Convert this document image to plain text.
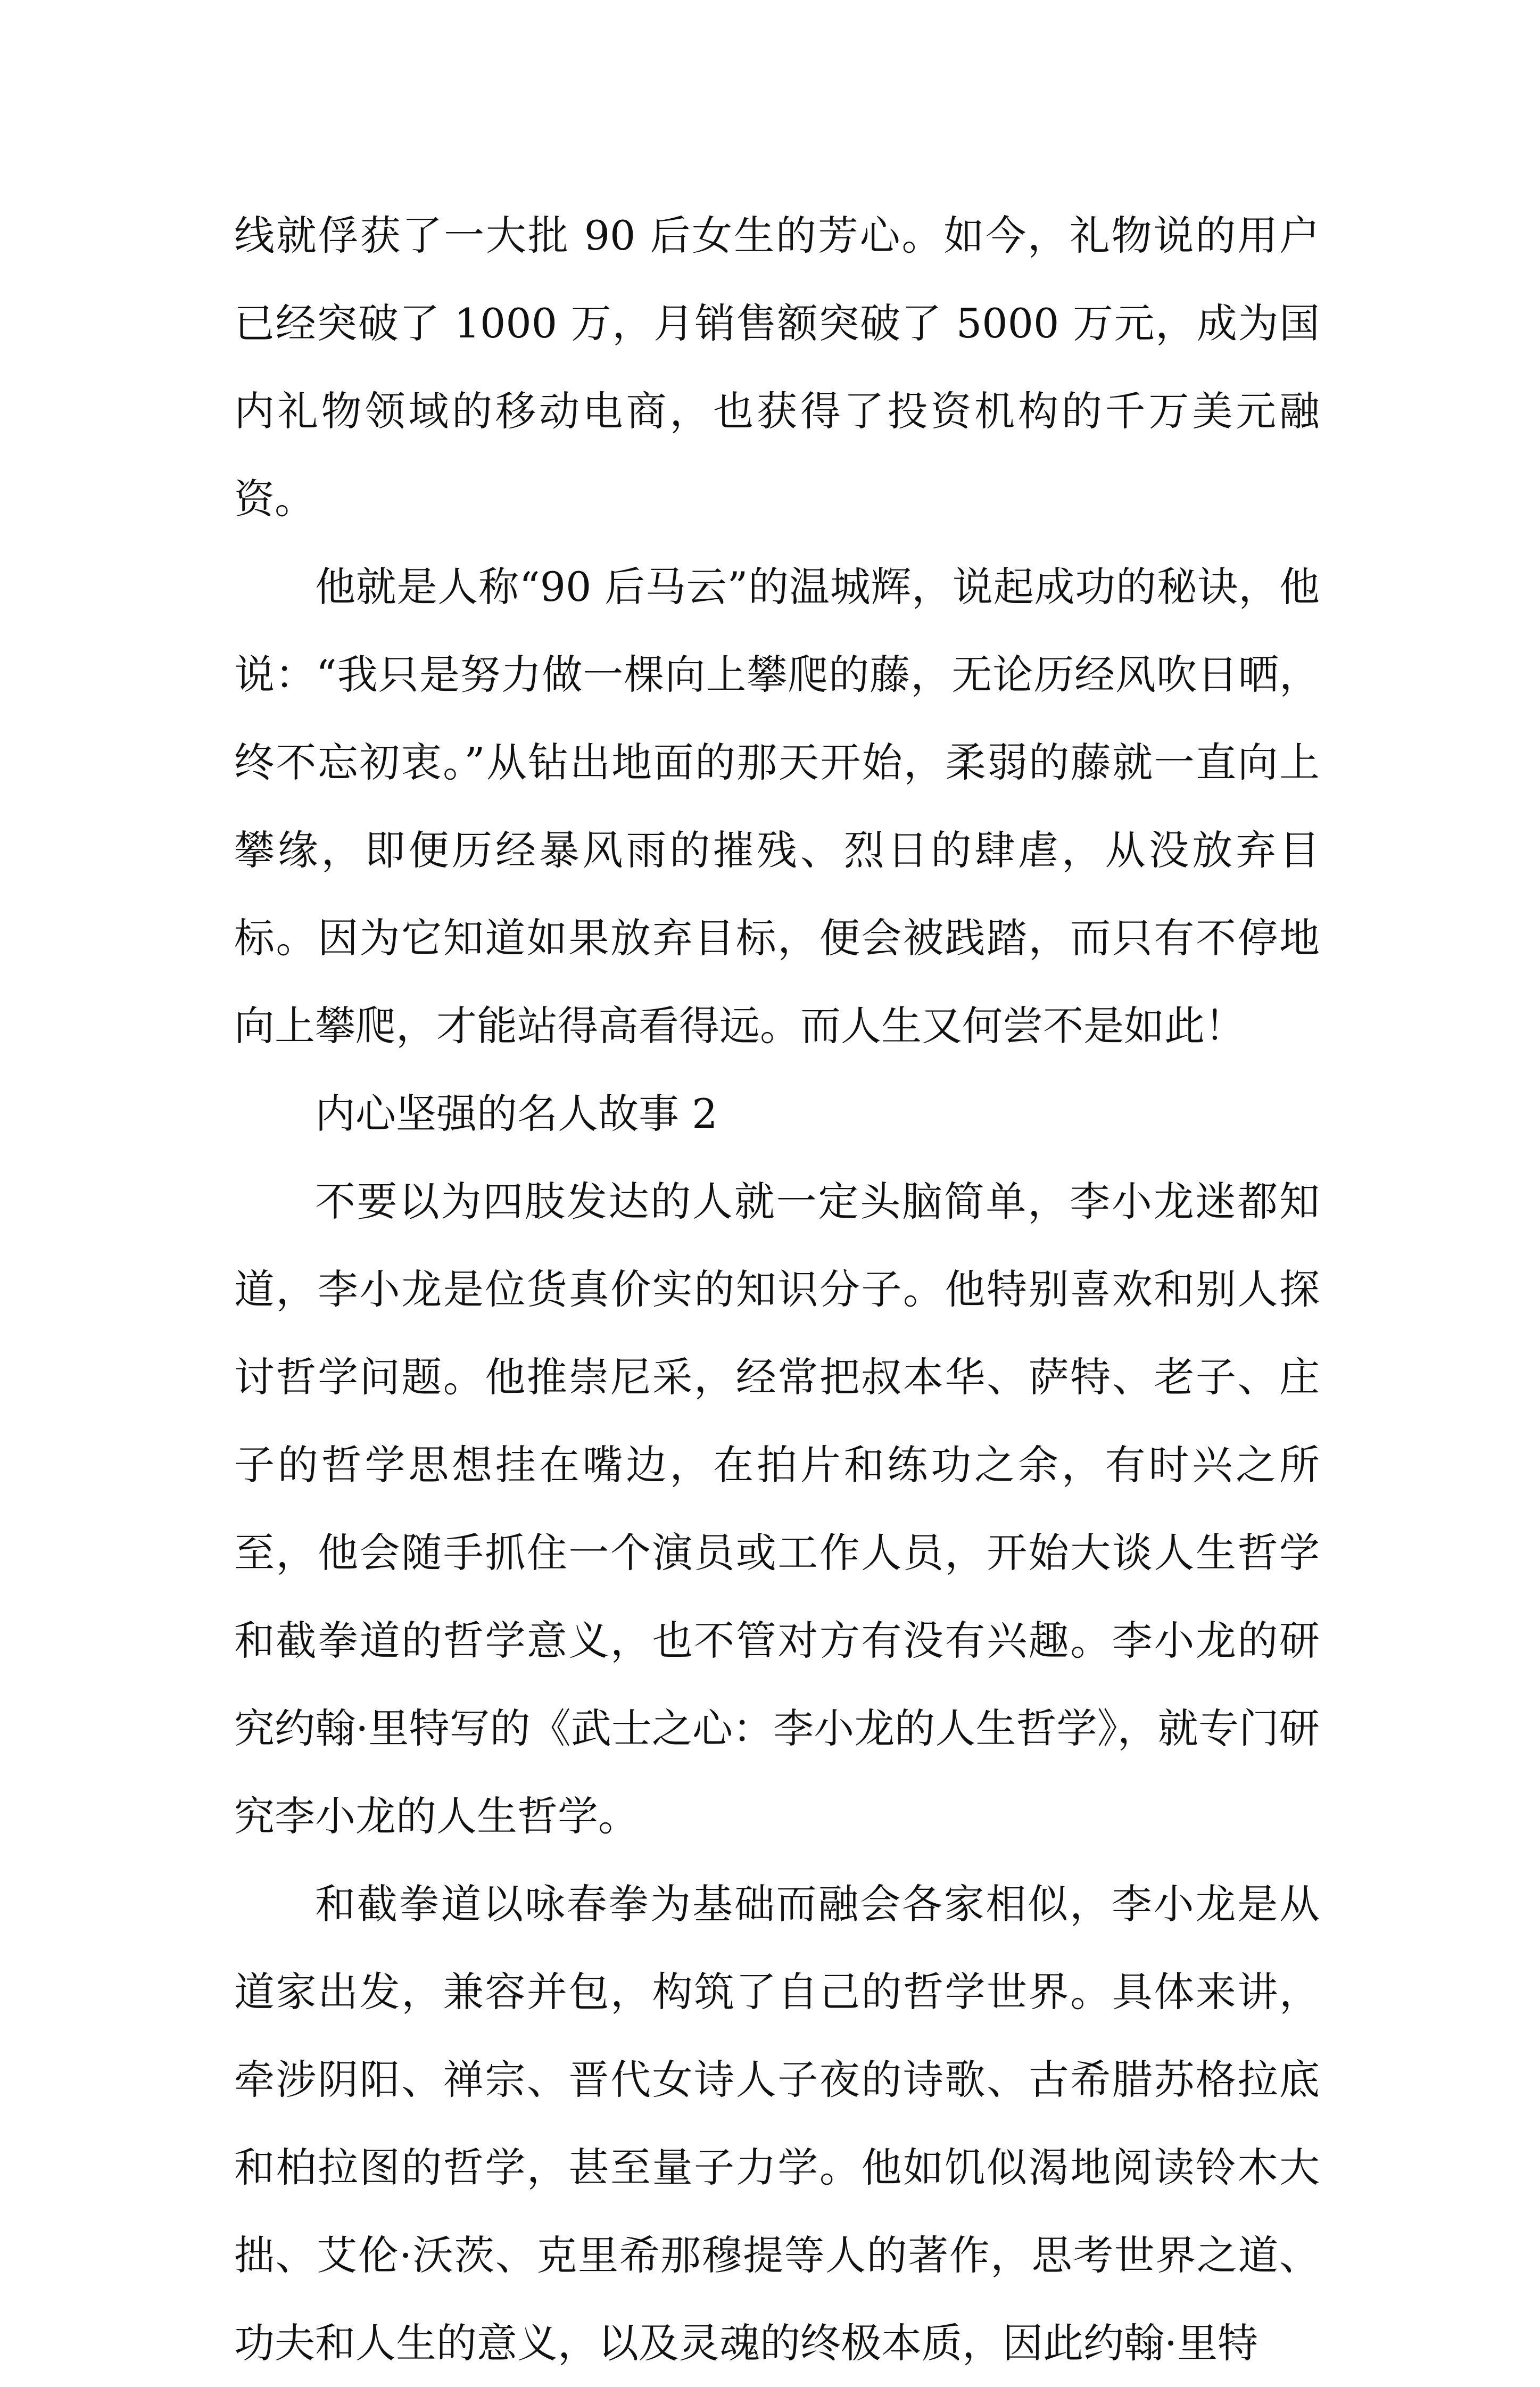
线就俘获了一大批 90 后女生的芳心。如今，礼物说的用户已经突破了 1000 万，月销售额突破了 5000 万元，成为国内礼物领域的移动电商，也获得了投资机构的千万美元融资。

他就是人称“90 后马云”的温城辉，说起成功的秘诀，他说：“我只是努力做一棵向上攀爬的藤，无论历经风吹日晒，终不忘初衷。”从钻出地面的那天开始，柔弱的藤就一直向上攀缘，即便历经暴风雨的摧残、烈日的肆虐，从没放弃目标。因为它知道如果放弃目标，便会被践踏，而只有不停地向上攀爬，才能站得高看得远。而人生又何尝不是如此！

内心坚强的名人故事 2

不要以为四肢发达的人就一定头脑简单，李小龙迷都知道，李小龙是位货真价实的知识分子。他特别喜欢和别人探讨哲学问题。他推崇尼采，经常把叔本华、萨特、老子、庄子的哲学思想挂在嘴边，在拍片和练功之余，有时兴之所至，他会随手抓住一个演员或工作人员，开始大谈人生哲学和截拳道的哲学意义，也不管对方有没有兴趣。李小龙的研究约翰·里特写的《武士之心：李小龙的人生哲学》，就专门研究李小龙的人生哲学。

和截拳道以咏春拳为基础而融会各家相似，李小龙是从道家出发，兼容并包，构筑了自己的哲学世界。具体来讲，牵涉阴阳、禅宗、晋代女诗人子夜的诗歌、古希腊苏格拉底和柏拉图的哲学，甚至量子力学。他如饥似渴地阅读铃木大拙、艾伦·沃茨、克里希那穆提等人的著作，思考世界之道、功夫和人生的意义，以及灵魂的终极本质，因此约翰·里特
